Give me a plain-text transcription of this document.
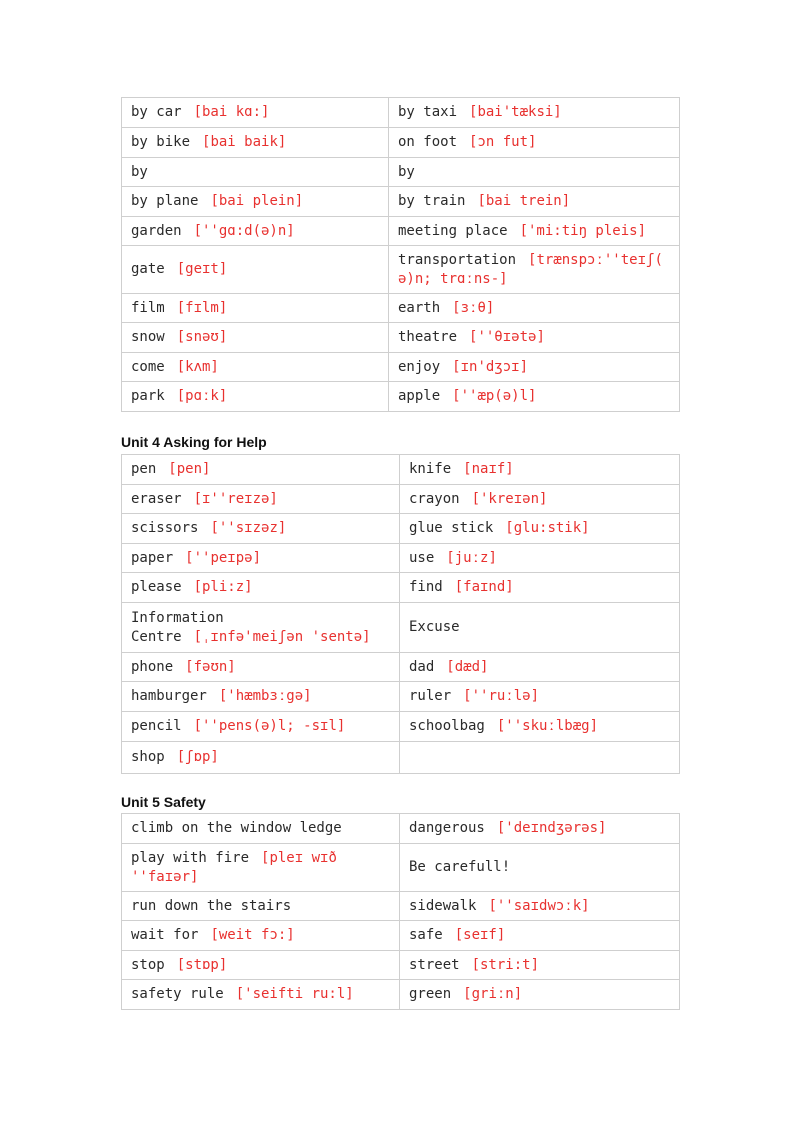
by car [bai kɑ:]	by taxi [bai'tæksi]
by bike [bai baik]	on foot [ɔn fut]
by	by
by plane [bai plein]	by train [bai trein]
garden [''gɑ:d(ə)n]	meeting place ['mi:tiŋ pleis]
gate [geɪt]	transportation [trænspɔː''teɪʃ(ə)n; trɑːns-]
film [fɪlm]	earth [ɜːθ]
snow [snəʊ]	theatre [''θɪətə]
come [kʌm]	enjoy [ɪn'dʒɔɪ]
park [pɑːk]	apple [''æp(ə)l]
Unit 4 Asking for Help
pen [pen]	knife [naɪf]
eraser [ɪ''reɪzə]	crayon ['kreɪən]
scissors [''sɪzəz]	glue stick [glu:stik]
paper [''peɪpə]	use [juːz]
please [pli:z]	find [faɪnd]
Information Centre [ˌɪnfə'meiʃən 'sentə]	Excuse
phone [fəʊn]	dad [dæd]
hamburger ['hæmbɜːgə]	ruler [''ruːlə]
pencil [''pens(ə)l; -sɪl]	schoolbag [''skuːlbæg]
shop [ʃɒp]	
Unit 5 Safety
climb on the window ledge	dangerous ['deɪndʒərəs]
play with fire [pleɪ wɪð ''faɪər]	Be carefull!
run down the stairs	sidewalk [''saɪdwɔːk]
wait for [weit fɔ:]	safe [seɪf]
stop [stɒp]	street [stri:t]
safety rule ['seifti ru:l]	green [griːn]
